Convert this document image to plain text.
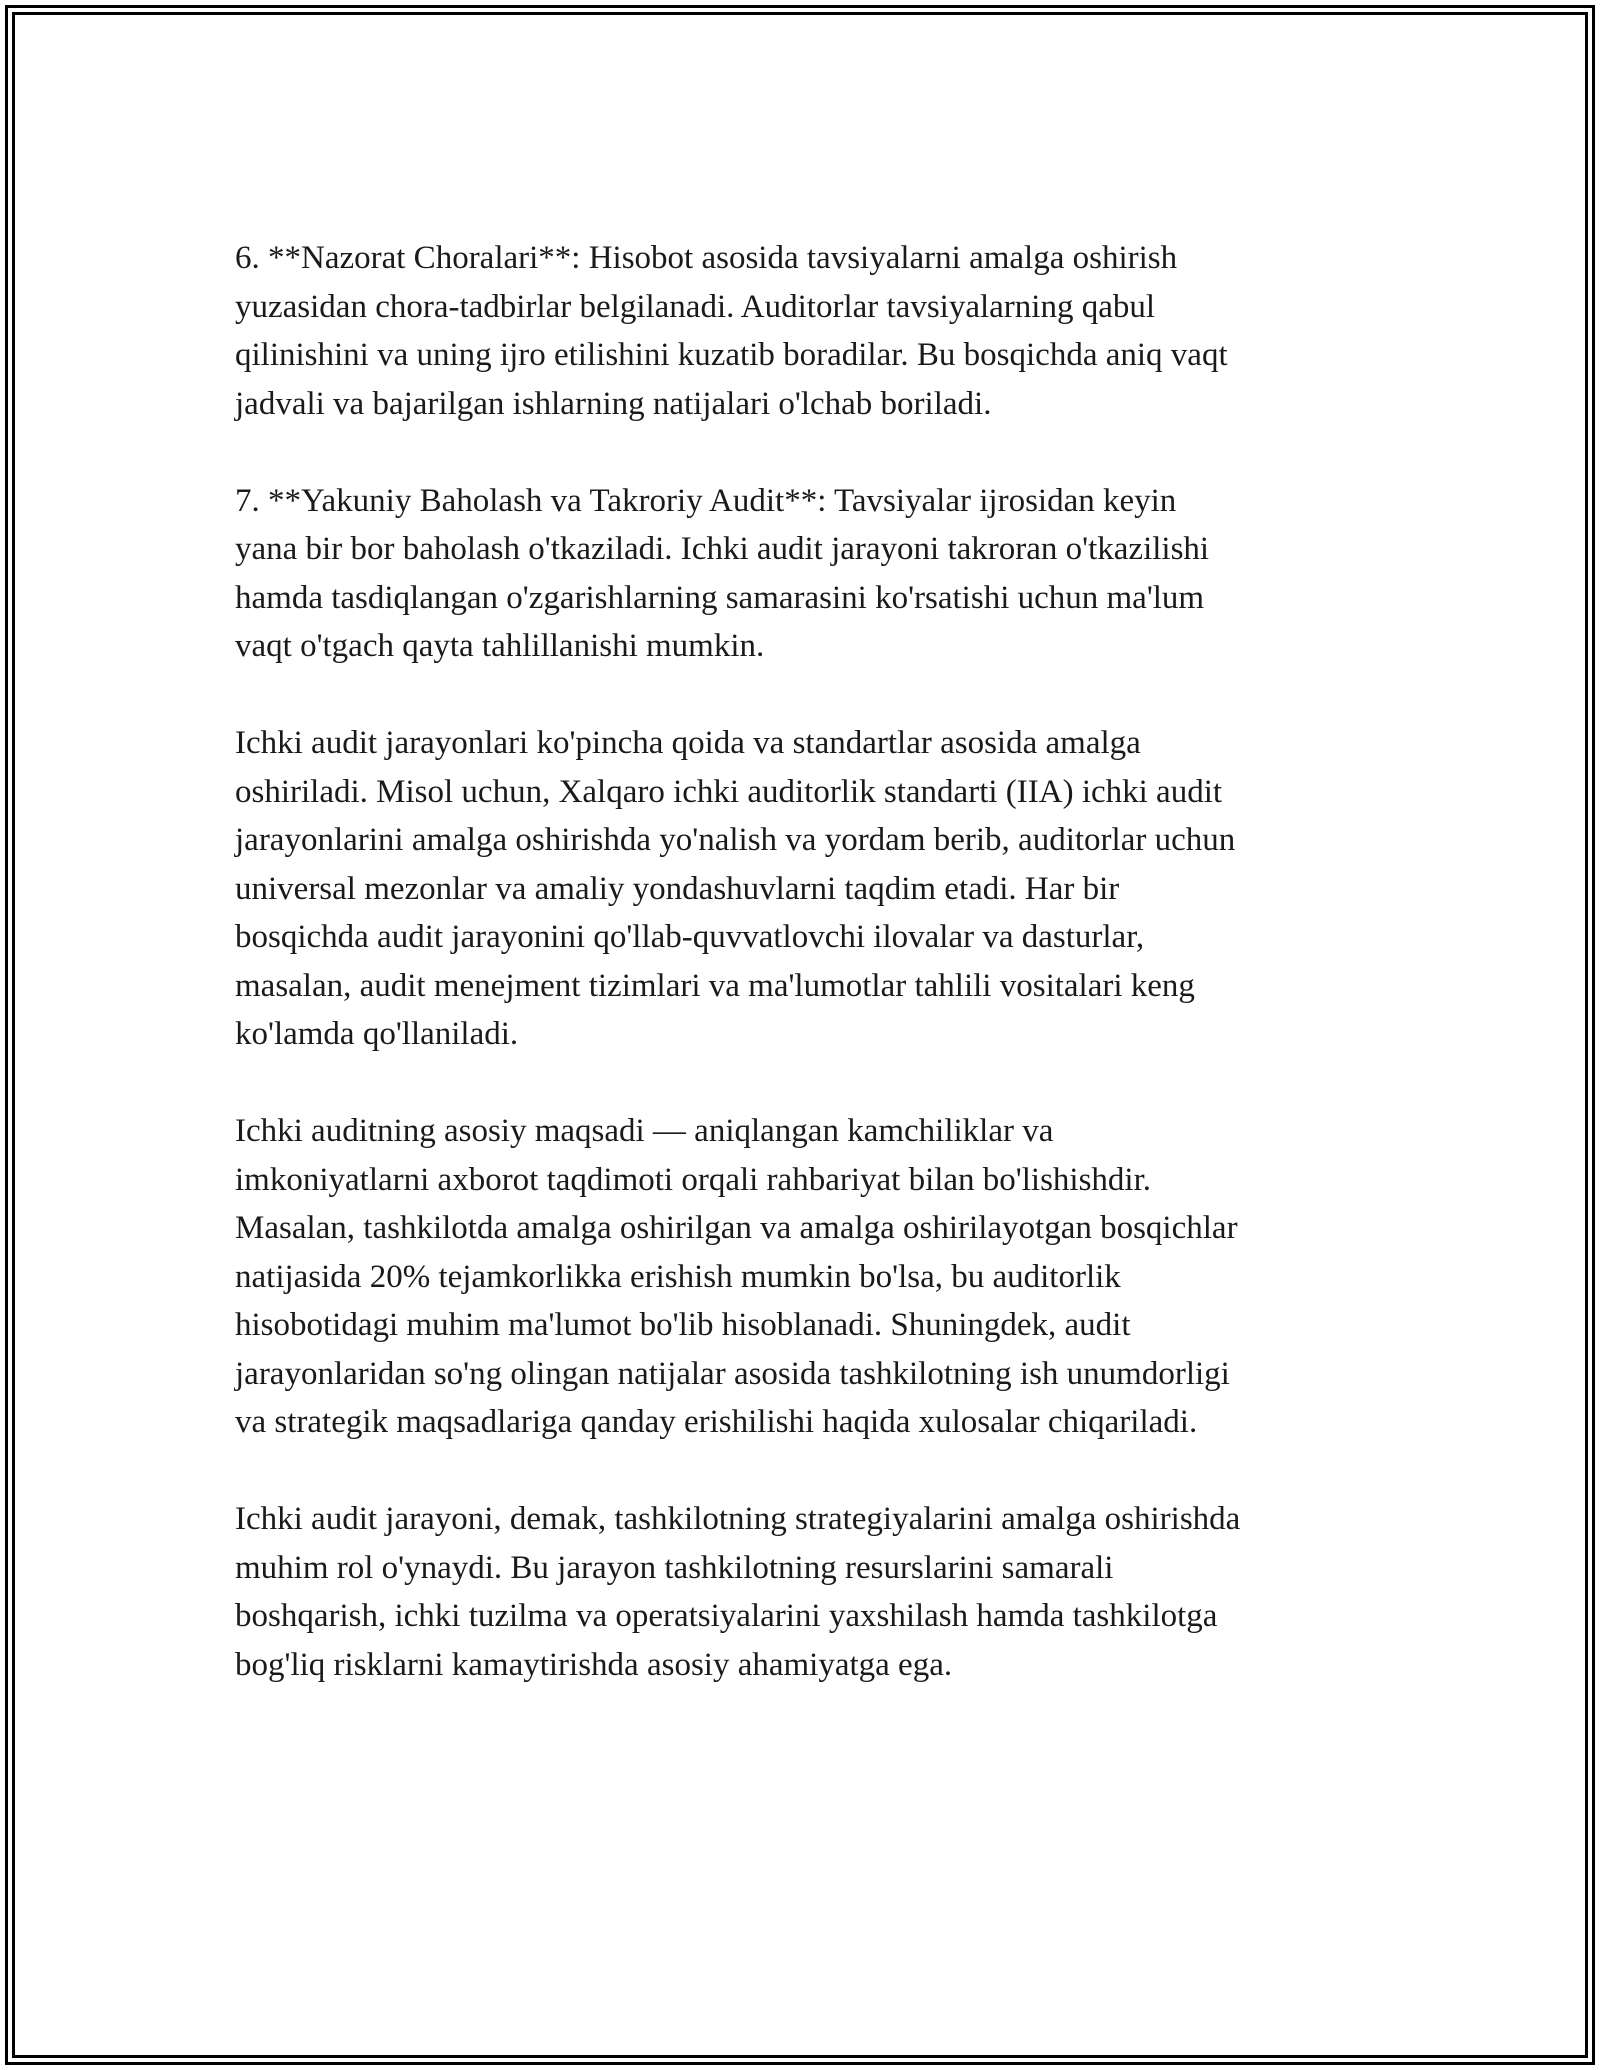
6. **Nazorat Choralari**: Hisobot asosida tavsiyalarni amalga oshirish
yuzasidan chora-tadbirlar belgilanadi. Auditorlar tavsiyalarning qabul
qilinishini va uning ijro etilishini kuzatib boradilar. Bu bosqichda aniq vaqt
jadvali va bajarilgan ishlarning natijalari o'lchab boriladi.

7. **Yakuniy Baholash va Takroriy Audit**: Tavsiyalar ijrosidan keyin
yana bir bor baholash o'tkaziladi. Ichki audit jarayoni takroran o'tkazilishi
hamda tasdiqlangan o'zgarishlarning samarasini ko'rsatishi uchun ma'lum
vaqt o'tgach qayta tahlillanishi mumkin.

Ichki audit jarayonlari ko'pincha qoida va standartlar asosida amalga
oshiriladi. Misol uchun, Xalqaro ichki auditorlik standarti (IIA) ichki audit
jarayonlarini amalga oshirishda yo'nalish va yordam berib, auditorlar uchun
universal mezonlar va amaliy yondashuvlarni taqdim etadi. Har bir
bosqichda audit jarayonini qo'llab-quvvatlovchi ilovalar va dasturlar,
masalan, audit menejment tizimlari va ma'lumotlar tahlili vositalari keng
ko'lamda qo'llaniladi.

Ichki auditning asosiy maqsadi — aniqlangan kamchiliklar va
imkoniyatlarni axborot taqdimoti orqali rahbariyat bilan bo'lishishdir.
Masalan, tashkilotda amalga oshirilgan va amalga oshirilayotgan bosqichlar
natijasida 20% tejamkorlikka erishish mumkin bo'lsa, bu auditorlik
hisobotidagi muhim ma'lumot bo'lib hisoblanadi. Shuningdek, audit
jarayonlaridan so'ng olingan natijalar asosida tashkilotning ish unumdorligi
va strategik maqsadlariga qanday erishilishi haqida xulosalar chiqariladi.

Ichki audit jarayoni, demak, tashkilotning strategiyalarini amalga oshirishda
muhim rol o'ynaydi. Bu jarayon tashkilotning resurslarini samarali
boshqarish, ichki tuzilma va operatsiyalarini yaxshilash hamda tashkilotga
bog'liq risklarni kamaytirishda asosiy ahamiyatga ega.
